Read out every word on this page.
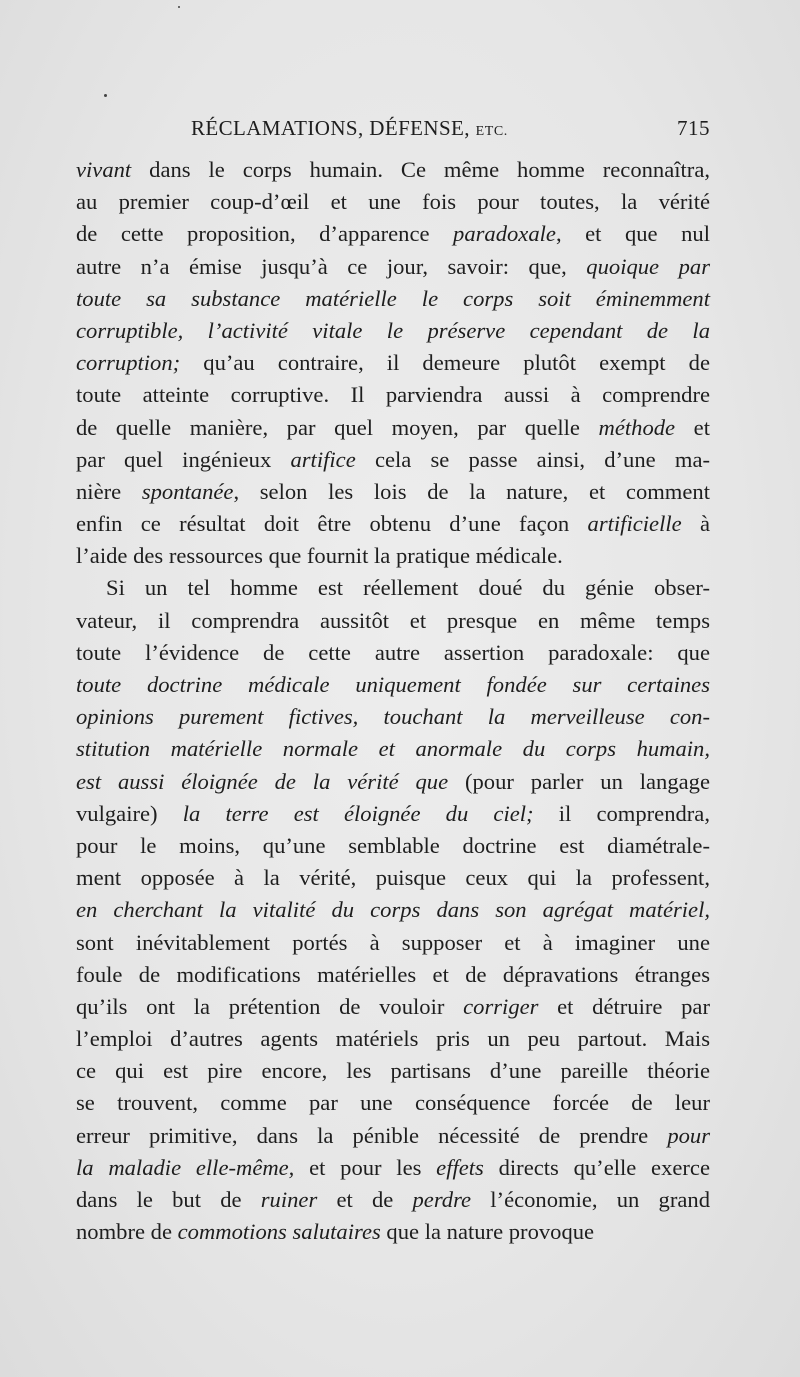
RÉCLAMATIONS, DÉFENSE, ETC.	715
vivant dans le corps humain. Ce même homme reconnaîtra,
au premier coup-d’œil et une fois pour toutes, la vérité
de cette proposition, d’apparence paradoxale, et que nul
autre n’a émise jusqu’à ce jour, savoir: que, quoique par
toute sa substance matérielle le corps soit éminemment
corruptible, l’activité vitale le préserve cependant de la
corruption; qu’au contraire, il demeure plutôt exempt de
toute atteinte corruptive. Il parviendra aussi à comprendre
de quelle manière, par quel moyen, par quelle méthode et
par quel ingénieux artifice cela se passe ainsi, d’une ma-
nière spontanée, selon les lois de la nature, et comment
enfin ce résultat doit être obtenu d’une façon artificielle à
l’aide des ressources que fournit la pratique médicale.
Si un tel homme est réellement doué du génie obser-
vateur, il comprendra aussitôt et presque en même temps
toute l’évidence de cette autre assertion paradoxale: que
toute doctrine médicale uniquement fondée sur certaines
opinions purement fictives, touchant la merveilleuse con-
stitution matérielle normale et anormale du corps humain,
est aussi éloignée de la vérité que (pour parler un langage
vulgaire) la terre est éloignée du ciel; il comprendra,
pour le moins, qu’une semblable doctrine est diamétrale-
ment opposée à la vérité, puisque ceux qui la professent,
en cherchant la vitalité du corps dans son agrégat matériel,
sont inévitablement portés à supposer et à imaginer une
foule de modifications matérielles et de dépravations étranges
qu’ils ont la prétention de vouloir corriger et détruire par
l’emploi d’autres agents matériels pris un peu partout. Mais
ce qui est pire encore, les partisans d’une pareille théorie
se trouvent, comme par une conséquence forcée de leur
erreur primitive, dans la pénible nécessité de prendre pour
la maladie elle-même, et pour les effets directs qu’elle exerce
dans le but de ruiner et de perdre l’économie, un grand
nombre de commotions salutaires que la nature provoque
